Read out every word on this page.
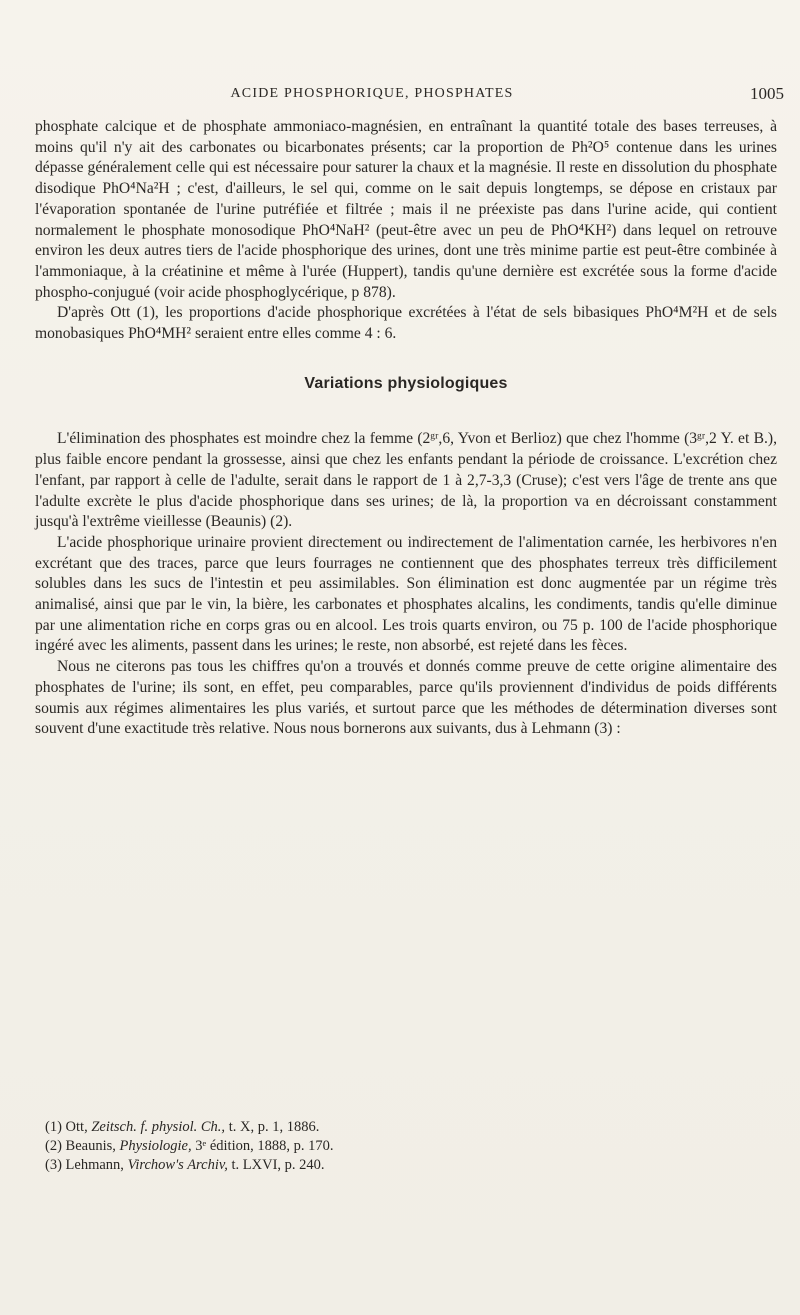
ACIDE PHOSPHORIQUE, PHOSPHATES	1005

phosphate calcique et de phosphate ammoniaco-magnésien, en entraînant la quantité totale des bases terreuses, à moins qu'il n'y ait des carbonates ou bicarbonates présents; car la proportion de Ph²O⁵ contenue dans les urines dépasse généralement celle qui est nécessaire pour saturer la chaux et la magnésie. Il reste en dissolution du phosphate disodique PhO⁴Na²H ; c'est, d'ailleurs, le sel qui, comme on le sait depuis longtemps, se dépose en cristaux par l'évaporation spontanée de l'urine putréfiée et filtrée ; mais il ne préexiste pas dans l'urine acide, qui contient normalement le phosphate monosodique PhO⁴NaH² (peut-être avec un peu de PhO⁴KH²) dans lequel on retrouve environ les deux autres tiers de l'acide phosphorique des urines, dont une très minime partie est peut-être combinée à l'ammoniaque, à la créatinine et même à l'urée (Huppert), tandis qu'une dernière est excrétée sous la forme d'acide phospho-conjugué (voir acide phosphoglycérique, p 878).

D'après Ott (1), les proportions d'acide phosphorique excrétées à l'état de sels bibasiques PhO⁴M²H et de sels monobasiques PhO⁴MH² seraient entre elles comme 4 : 6.

Variations physiologiques

L'élimination des phosphates est moindre chez la femme (2ᵍʳ,6, Yvon et Berlioz) que chez l'homme (3ᵍʳ,2 Y. et B.), plus faible encore pendant la grossesse, ainsi que chez les enfants pendant la période de croissance. L'excrétion chez l'enfant, par rapport à celle de l'adulte, serait dans le rapport de 1 à 2,7-3,3 (Cruse); c'est vers l'âge de trente ans que l'adulte excrète le plus d'acide phosphorique dans ses urines; de là, la proportion va en décroissant constamment jusqu'à l'extrême vieillesse (Beaunis) (2).

L'acide phosphorique urinaire provient directement ou indirectement de l'alimentation carnée, les herbivores n'en excrétant que des traces, parce que leurs fourrages ne contiennent que des phosphates terreux très difficilement solubles dans les sucs de l'intestin et peu assimilables. Son élimination est donc augmentée par un régime très animalisé, ainsi que par le vin, la bière, les carbonates et phosphates alcalins, les condiments, tandis qu'elle diminue par une alimentation riche en corps gras ou en alcool. Les trois quarts environ, ou 75 p. 100 de l'acide phosphorique ingéré avec les aliments, passent dans les urines; le reste, non absorbé, est rejeté dans les fèces.

Nous ne citerons pas tous les chiffres qu'on a trouvés et donnés comme preuve de cette origine alimentaire des phosphates de l'urine; ils sont, en effet, peu comparables, parce qu'ils proviennent d'individus de poids différents soumis aux régimes alimentaires les plus variés, et surtout parce que les méthodes de détermination diverses sont souvent d'une exactitude très relative. Nous nous bornerons aux suivants, dus à Lehmann (3) :

(1) Ott, Zeitsch. f. physiol. Ch., t. X, p. 1, 1886.
(2) Beaunis, Physiologie, 3ᵉ édition, 1888, p. 170.
(3) Lehmann, Virchow's Archiv, t. LXVI, p. 240.
